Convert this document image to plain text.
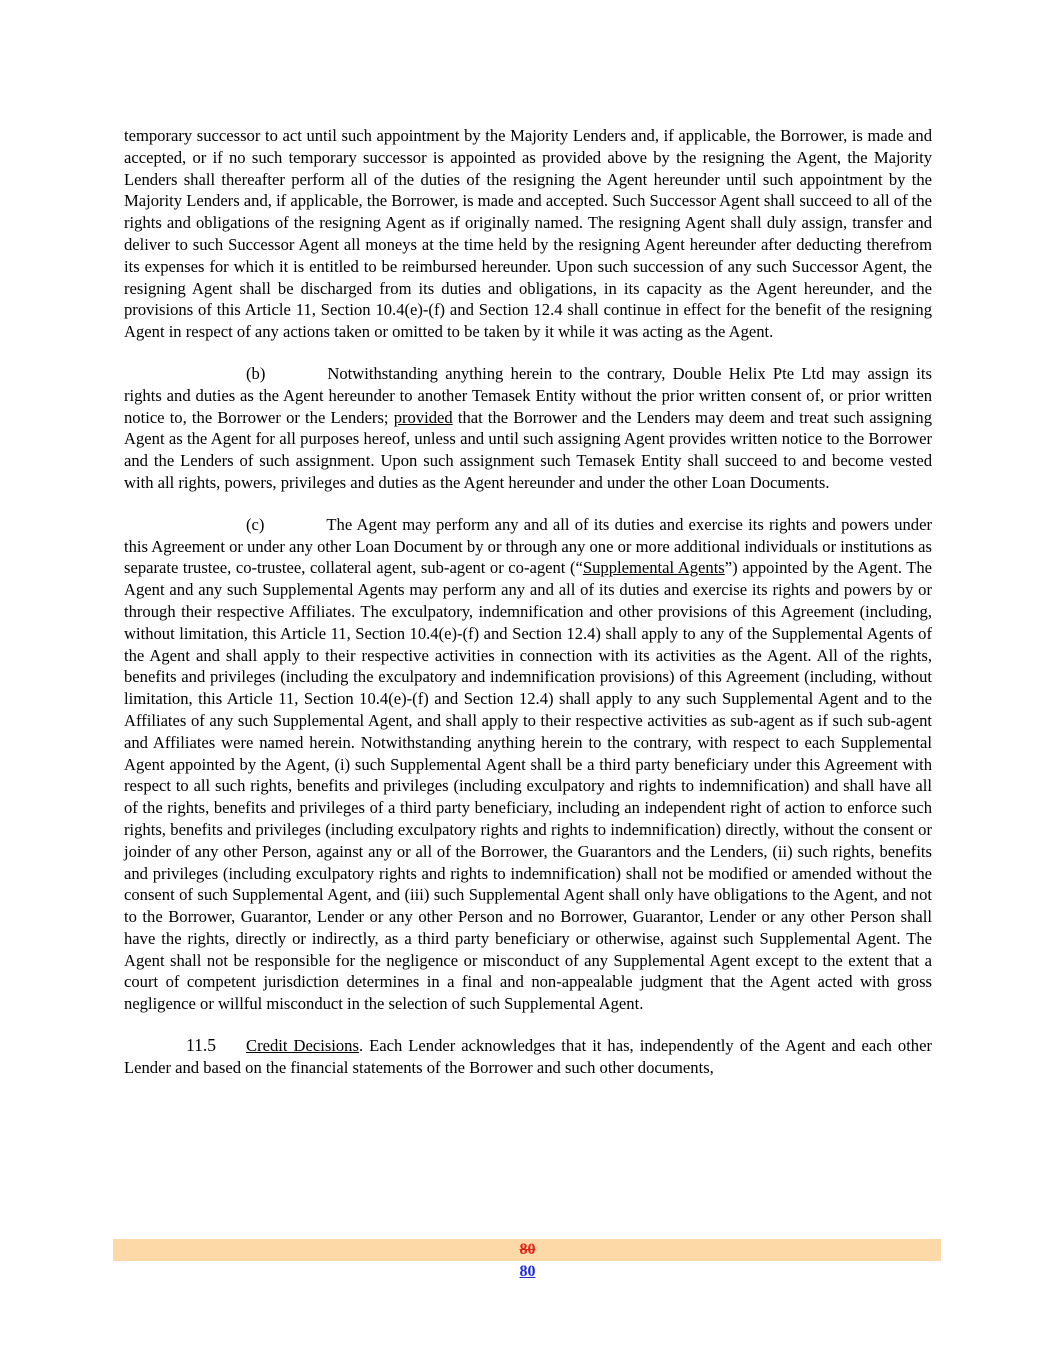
temporary successor to act until such appointment by the Majority Lenders and, if applicable, the Borrower, is made and accepted, or if no such temporary successor is appointed as provided above by the resigning the Agent, the Majority Lenders shall thereafter perform all of the duties of the resigning the Agent hereunder until such appointment by the Majority Lenders and, if applicable, the Borrower, is made and accepted. Such Successor Agent shall succeed to all of the rights and obligations of the resigning Agent as if originally named. The resigning Agent shall duly assign, transfer and deliver to such Successor Agent all moneys at the time held by the resigning Agent hereunder after deducting therefrom its expenses for which it is entitled to be reimbursed hereunder. Upon such succession of any such Successor Agent, the resigning Agent shall be discharged from its duties and obligations, in its capacity as the Agent hereunder, and the provisions of this Article 11, Section 10.4(e)-(f) and Section 12.4 shall continue in effect for the benefit of the resigning Agent in respect of any actions taken or omitted to be taken by it while it was acting as the Agent.

(b)	Notwithstanding anything herein to the contrary, Double Helix Pte Ltd may assign its rights and duties as the Agent hereunder to another Temasek Entity without the prior written consent of, or prior written notice to, the Borrower or the Lenders; provided that the Borrower and the Lenders may deem and treat such assigning Agent as the Agent for all purposes hereof, unless and until such assigning Agent provides written notice to the Borrower and the Lenders of such assignment. Upon such assignment such Temasek Entity shall succeed to and become vested with all rights, powers, privileges and duties as the Agent hereunder and under the other Loan Documents.

(c)	The Agent may perform any and all of its duties and exercise its rights and powers under this Agreement or under any other Loan Document by or through any one or more additional individuals or institutions as separate trustee, co-trustee, collateral agent, sub-agent or co-agent (“Supplemental Agents”) appointed by the Agent. The Agent and any such Supplemental Agents may perform any and all of its duties and exercise its rights and powers by or through their respective Affiliates. The exculpatory, indemnification and other provisions of this Agreement (including, without limitation, this Article 11, Section 10.4(e)-(f) and Section 12.4) shall apply to any of the Supplemental Agents of the Agent and shall apply to their respective activities in connection with its activities as the Agent. All of the rights, benefits and privileges (including the exculpatory and indemnification provisions) of this Agreement (including, without limitation, this Article 11, Section 10.4(e)-(f) and Section 12.4) shall apply to any such Supplemental Agent and to the Affiliates of any such Supplemental Agent, and shall apply to their respective activities as sub-agent as if such sub-agent and Affiliates were named herein. Notwithstanding anything herein to the contrary, with respect to each Supplemental Agent appointed by the Agent, (i) such Supplemental Agent shall be a third party beneficiary under this Agreement with respect to all such rights, benefits and privileges (including exculpatory and rights to indemnification) and shall have all of the rights, benefits and privileges of a third party beneficiary, including an independent right of action to enforce such rights, benefits and privileges (including exculpatory rights and rights to indemnification) directly, without the consent or joinder of any other Person, against any or all of the Borrower, the Guarantors and the Lenders, (ii) such rights, benefits and privileges (including exculpatory rights and rights to indemnification) shall not be modified or amended without the consent of such Supplemental Agent, and (iii) such Supplemental Agent shall only have obligations to the Agent, and not to the Borrower, Guarantor, Lender or any other Person and no Borrower, Guarantor, Lender or any other Person shall have the rights, directly or indirectly, as a third party beneficiary or otherwise, against such Supplemental Agent. The Agent shall not be responsible for the negligence or misconduct of any Supplemental Agent except to the extent that a court of competent jurisdiction determines in a final and non-appealable judgment that the Agent acted with gross negligence or willful misconduct in the selection of such Supplemental Agent.

11.5 Credit Decisions. Each Lender acknowledges that it has, independently of the Agent and each other Lender and based on the financial statements of the Borrower and such other documents,

80
80
